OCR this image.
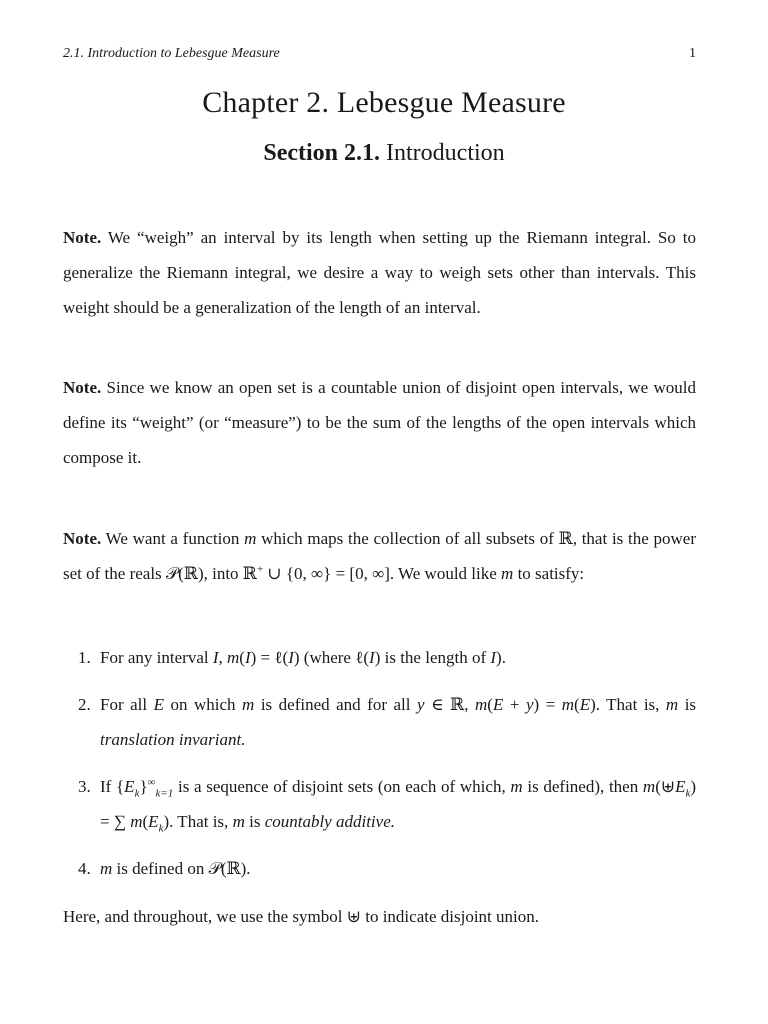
2.1. Introduction to Lebesgue Measure	1
Chapter 2. Lebesgue Measure
Section 2.1. Introduction
Note. We “weigh” an interval by its length when setting up the Riemann integral. So to generalize the Riemann integral, we desire a way to weigh sets other than intervals. This weight should be a generalization of the length of an interval.
Note. Since we know an open set is a countable union of disjoint open intervals, we would define its “weight” (or “measure”) to be the sum of the lengths of the open intervals which compose it.
Note. We want a function m which maps the collection of all subsets of ℝ, that is the power set of the reals 𝒫(ℝ), into ℝ+ ∪ {0, ∞} = [0, ∞]. We would like m to satisfy:
1. For any interval I, m(I) = ℓ(I) (where ℓ(I) is the length of I).
2. For all E on which m is defined and for all y ∈ ℝ, m(E + y) = m(E). That is, m is translation invariant.
3. If $\{E_k\}^\infty_{k=1}$ is a sequence of disjoint sets (on each of which, m is defined), then $m(⊎E_k)$ = ∑ $m(E_k)$. That is, m is countably additive.
4. m is defined on 𝒫(ℝ).
Here, and throughout, we use the symbol ⊎ to indicate disjoint union.
